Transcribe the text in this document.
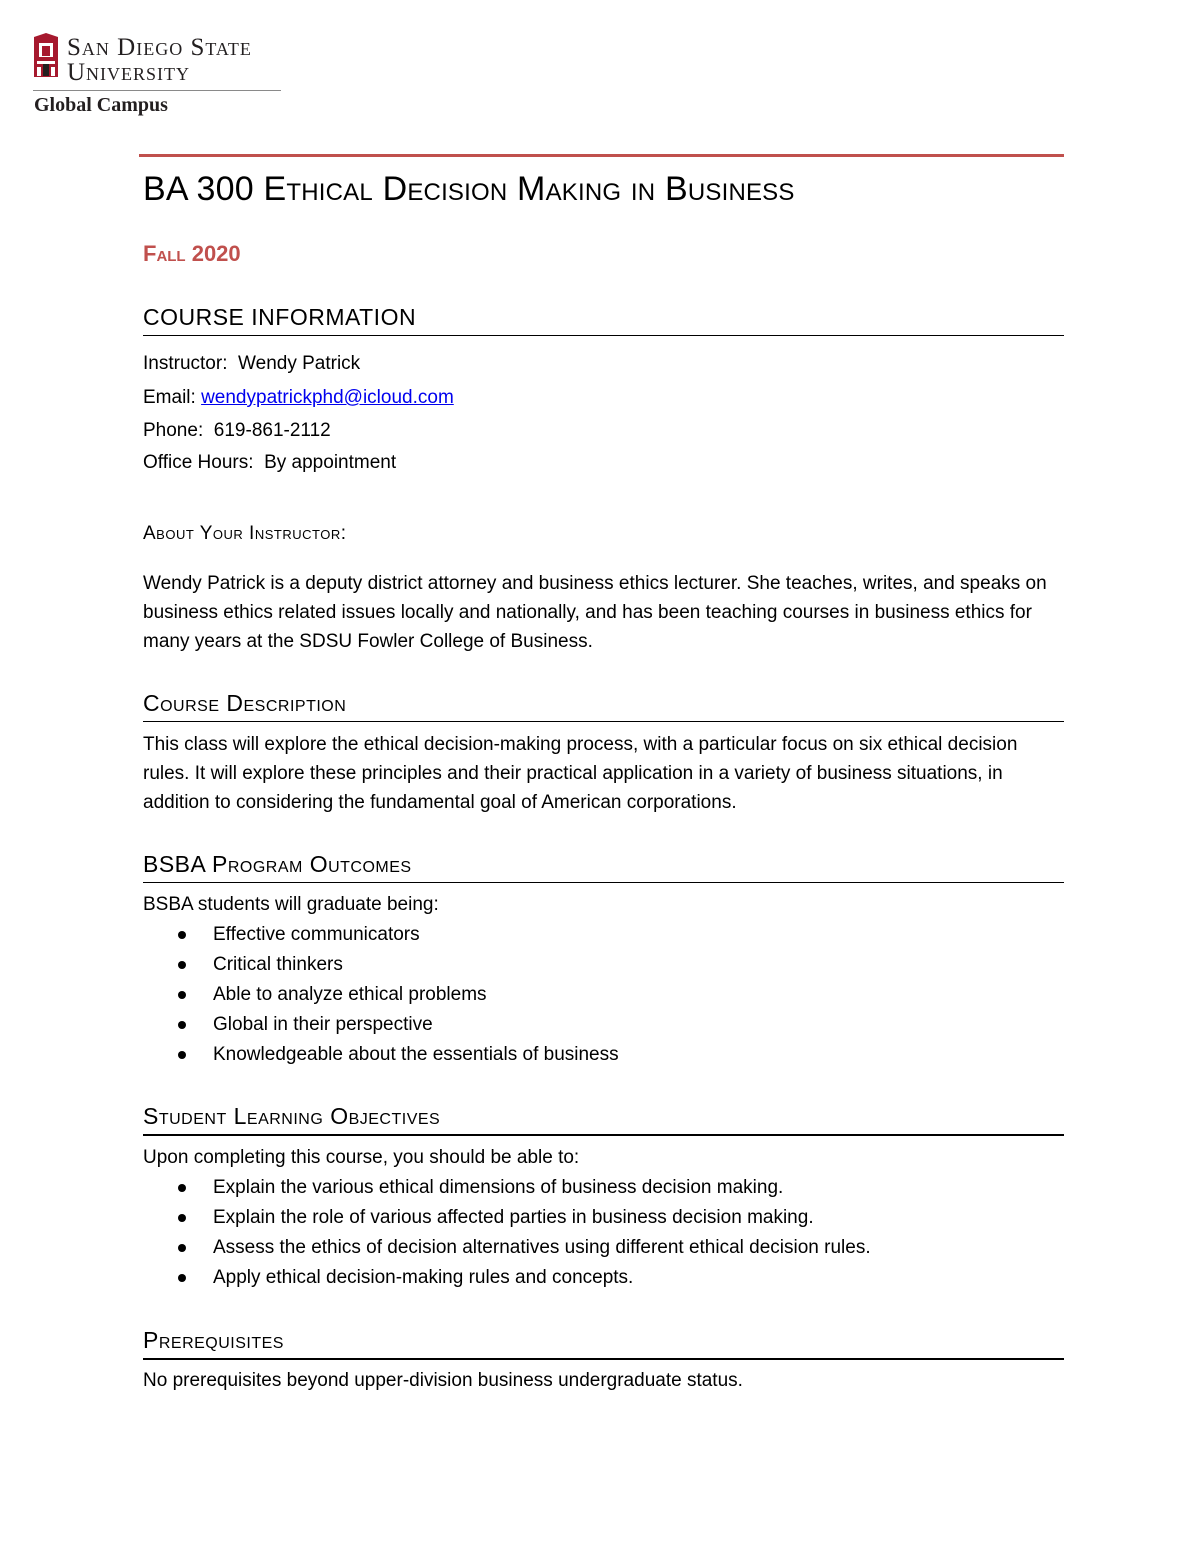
San Diego State
University
Global Campus
BA 300 Ethical Decision Making in Business
Fall 2020
COURSE INFORMATION
Instructor: Wendy Patrick
Email: wendypatrickphd@icloud.com
Phone: 619-861-2112
Office Hours: By appointment
About Your Instructor:

Wendy Patrick is a deputy district attorney and business ethics lecturer. She teaches, writes, and speaks on business ethics related issues locally and nationally, and has been teaching courses in business ethics for many years at the SDSU Fowler College of Business.

Course Description

This class will explore the ethical decision-making process, with a particular focus on six ethical decision rules. It will explore these principles and their practical application in a variety of business situations, in addition to considering the fundamental goal of American corporations.

BSBA Program Outcomes

BSBA students will graduate being:

Effective communicators
Critical thinkers
Able to analyze ethical problems
Global in their perspective
Knowledgeable about the essentials of business
Student Learning Objectives

Upon completing this course, you should be able to:

Explain the various ethical dimensions of business decision making.
Explain the role of various affected parties in business decision making.
Assess the ethics of decision alternatives using different ethical decision rules.
Apply ethical decision-making rules and concepts.
Prerequisites

No prerequisites beyond upper-division business undergraduate status.
